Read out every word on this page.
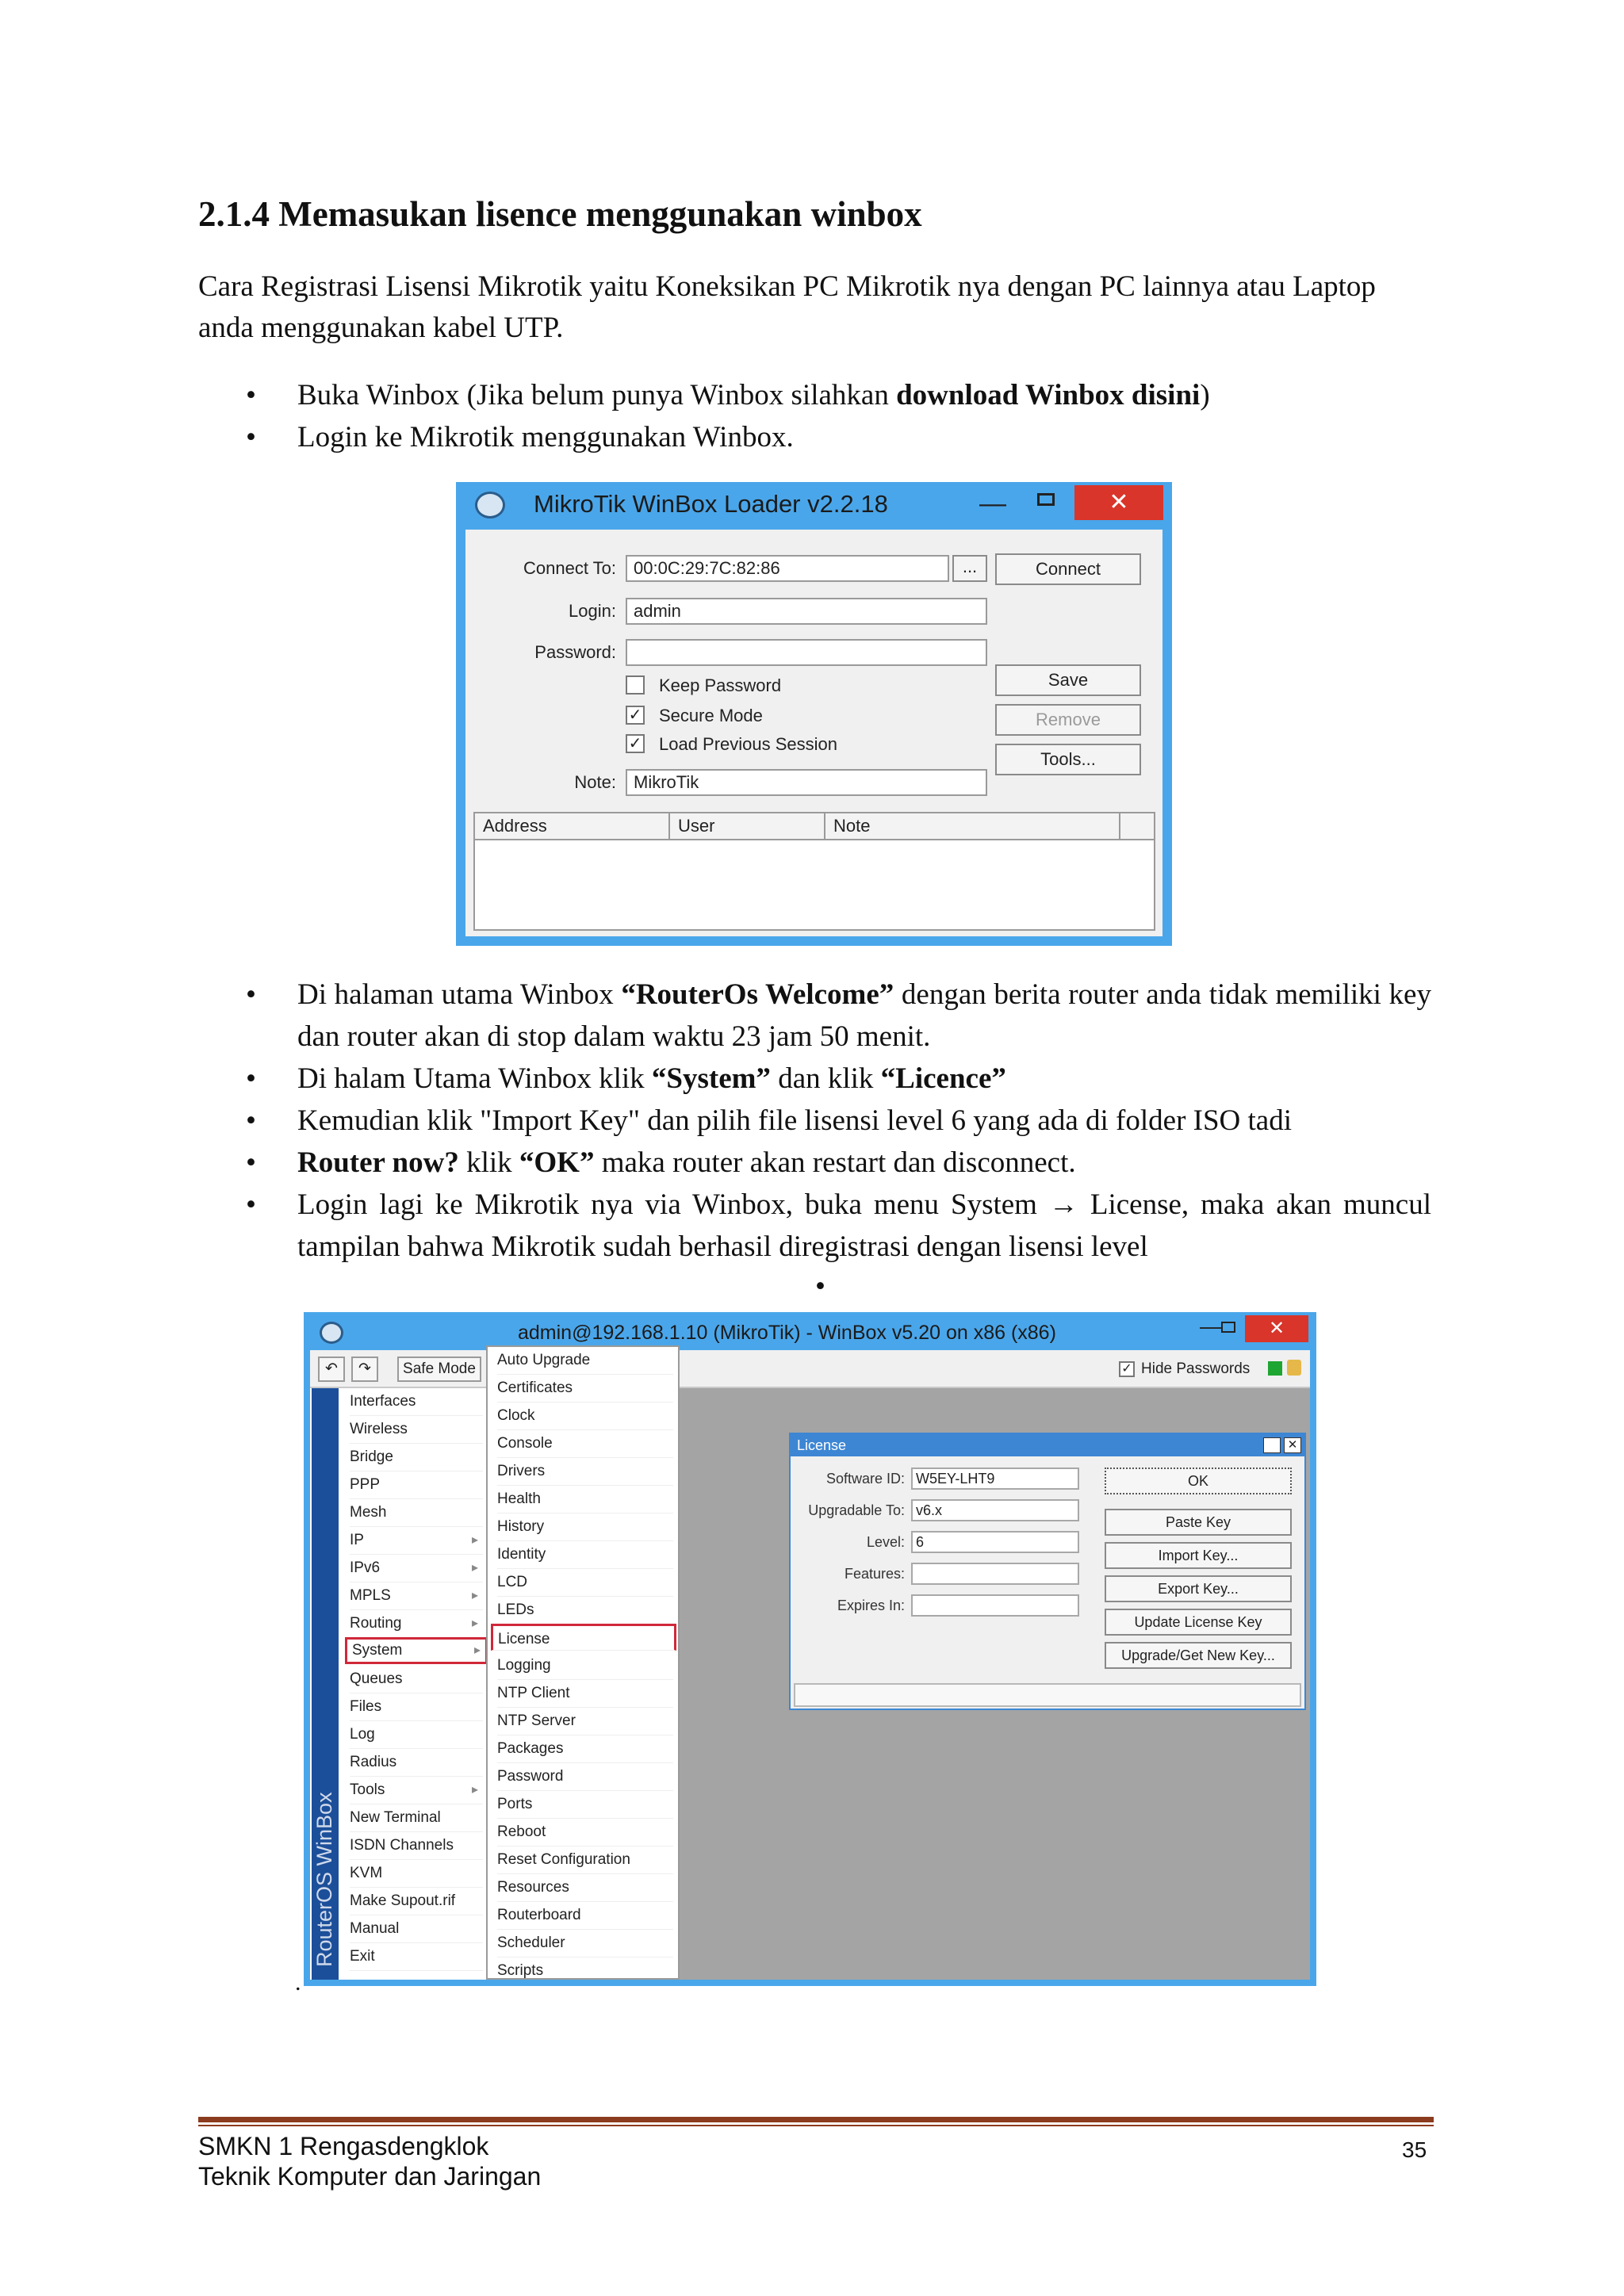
2.1.4 Memasukan lisence menggunakan winbox

Cara Registrasi Lisensi Mikrotik yaitu Koneksikan PC Mikrotik nya dengan PC lainnya atau Laptop anda menggunakan kabel UTP.

• Buka Winbox (Jika belum punya Winbox silahkan download Winbox disini)
• Login ke Mikrotik menggunakan Winbox.
MikroTik WinBox Loader v2.2.18	—	✕
Connect To:	00:0C:29:7C:82:86	...	Connect
Login:	admin
Password:
Save
Keep Password
✓ Secure Mode	Remove
✓ Load Previous Session
Tools...
Note:	MikroTik
Address	User	Note
• Di halaman utama Winbox “RouterOs Welcome” dengan berita router anda tidak memiliki key dan router akan di stop dalam waktu 23 jam 50 menit.
• Di halam Utama Winbox klik “System” dan klik “Licence”
• Kemudian klik "Import Key" dan pilih file lisensi level 6 yang ada di folder ISO tadi
• Router now? klik “OK” maka router akan restart dan disconnect.
• Login lagi ke Mikrotik nya via Winbox, buka menu System → License, maka akan muncul tampilan bahwa Mikrotik sudah berhasil diregistrasi dengan lisensi level
•
admin@192.168.1.10 (MikroTik) - WinBox v5.20 on x86 (x86)	—	✕
↶	↷	Safe Mode	✓ Hide Passwords
RouterOS WinBox
Interfaces
Wireless
Bridge
PPP
Mesh
IP	▸
IPv6	▸
MPLS	▸
Routing	▸
System	▸
Queues
Files
Log
Radius
Tools	▸
New Terminal
ISDN Channels
KVM
Make Supout.rif
Manual
Exit
Auto Upgrade
Certificates
Clock
Console
Drivers
Health
History
Identity
LCD
LEDs
License
Logging
NTP Client
NTP Server
Packages
Password
Ports
Reboot
Reset Configuration
Resources
Routerboard
Scheduler
Scripts
License	✕
Software ID: W5EY-LHT9
Upgradable To: v6.x
Level: 6
Features:
Expires In:
OK
Paste Key
Import Key...
Export Key...
Update License Key
Upgrade/Get New Key...
.
SMKN 1 Rengasdengklok
Teknik Komputer dan Jaringan
35
